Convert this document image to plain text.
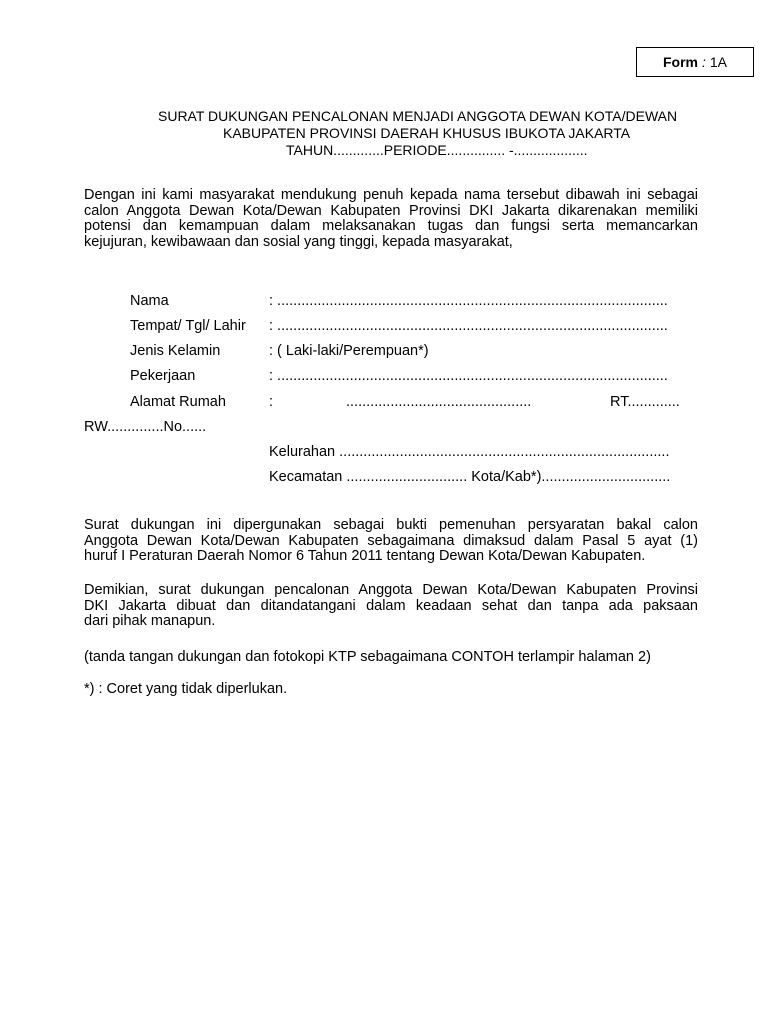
Form : 1A
SURAT DUKUNGAN PENCALONAN MENJADI ANGGOTA DEWAN KOTA/DEWAN
KABUPATEN PROVINSI DAERAH KHUSUS IBUKOTA JAKARTA
TAHUN.............PERIODE............... -...................
Dengan ini kami masyarakat mendukung penuh kepada nama tersebut dibawah ini sebagai
calon Anggota Dewan Kota/Dewan Kabupaten Provinsi DKI Jakarta dikarenakan memiliki
potensi dan kemampuan dalam melaksanakan tugas dan fungsi serta memancarkan
kejujuran, kewibawaan dan sosial yang tinggi, kepada masyarakat,
Nama	: .................................................................................................
Tempat/ Tgl/ Lahir : .................................................................................................
Jenis Kelamin	: ( Laki-laki/Perempuan*)
Pekerjaan	: .................................................................................................
Alamat Rumah	:	..............................................	RT.............
RW..............No......
Kelurahan ..................................................................................
Kecamatan .............................. Kota/Kab*)................................
Surat dukungan ini dipergunakan sebagai bukti pemenuhan persyaratan bakal calon
Anggota Dewan Kota/Dewan Kabupaten sebagaimana dimaksud dalam Pasal 5 ayat (1)
huruf I Peraturan Daerah Nomor 6 Tahun 2011 tentang Dewan Kota/Dewan Kabupaten.
Demikian, surat dukungan pencalonan Anggota Dewan Kota/Dewan Kabupaten Provinsi
DKI Jakarta dibuat dan ditandatangani dalam keadaan sehat dan tanpa ada paksaan
dari pihak manapun.
(tanda tangan dukungan dan fotokopi KTP sebagaimana CONTOH terlampir halaman 2)
*) : Coret yang tidak diperlukan.
